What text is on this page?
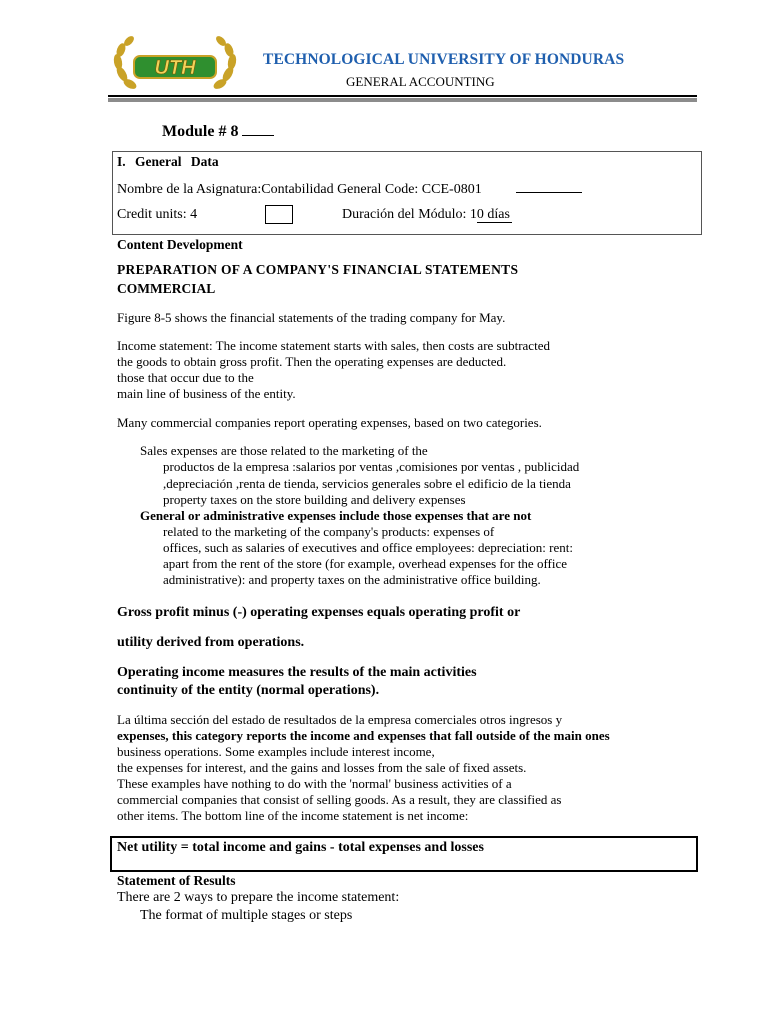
UTH	TECHNOLOGICAL UNIVERSITY OF HONDURAS
GENERAL ACCOUNTING
Module # 8
I. General Data
Nombre de la Asignatura:Contabilidad General Code: CCE-0801
Credit units: 4	Duración del Módulo: 10 días
Content Development
PREPARATION OF A COMPANY'S FINANCIAL STATEMENTS
COMMERCIAL
Figure 8-5 shows the financial statements of the trading company for May.
Income statement: The income statement starts with sales, then costs are subtracted
the goods to obtain gross profit. Then the operating expenses are deducted.
those that occur due to the
main line of business of the entity.
Many commercial companies report operating expenses, based on two categories.
Sales expenses are those related to the marketing of the
productos de la empresa :salarios por ventas ,comisiones por ventas , publicidad
,depreciación ,renta de tienda, servicios generales sobre el edificio de la tienda
property taxes on the store building and delivery expenses
General or administrative expenses include those expenses that are not
related to the marketing of the company's products: expenses of
offices, such as salaries of executives and office employees: depreciation: rent:
apart from the rent of the store (for example, overhead expenses for the office
administrative): and property taxes on the administrative office building.
Gross profit minus (-) operating expenses equals operating profit or
utility derived from operations.
Operating income measures the results of the main activities
continuity of the entity (normal operations).
La última sección del estado de resultados de la empresa comerciales otros ingresos y
expenses, this category reports the income and expenses that fall outside of the main ones
business operations. Some examples include interest income,
the expenses for interest, and the gains and losses from the sale of fixed assets.
These examples have nothing to do with the 'normal' business activities of a
commercial companies that consist of selling goods. As a result, they are classified as
other items. The bottom line of the income statement is net income:
Net utility = total income and gains - total expenses and losses
Statement of Results
There are 2 ways to prepare the income statement:
The format of multiple stages or steps
